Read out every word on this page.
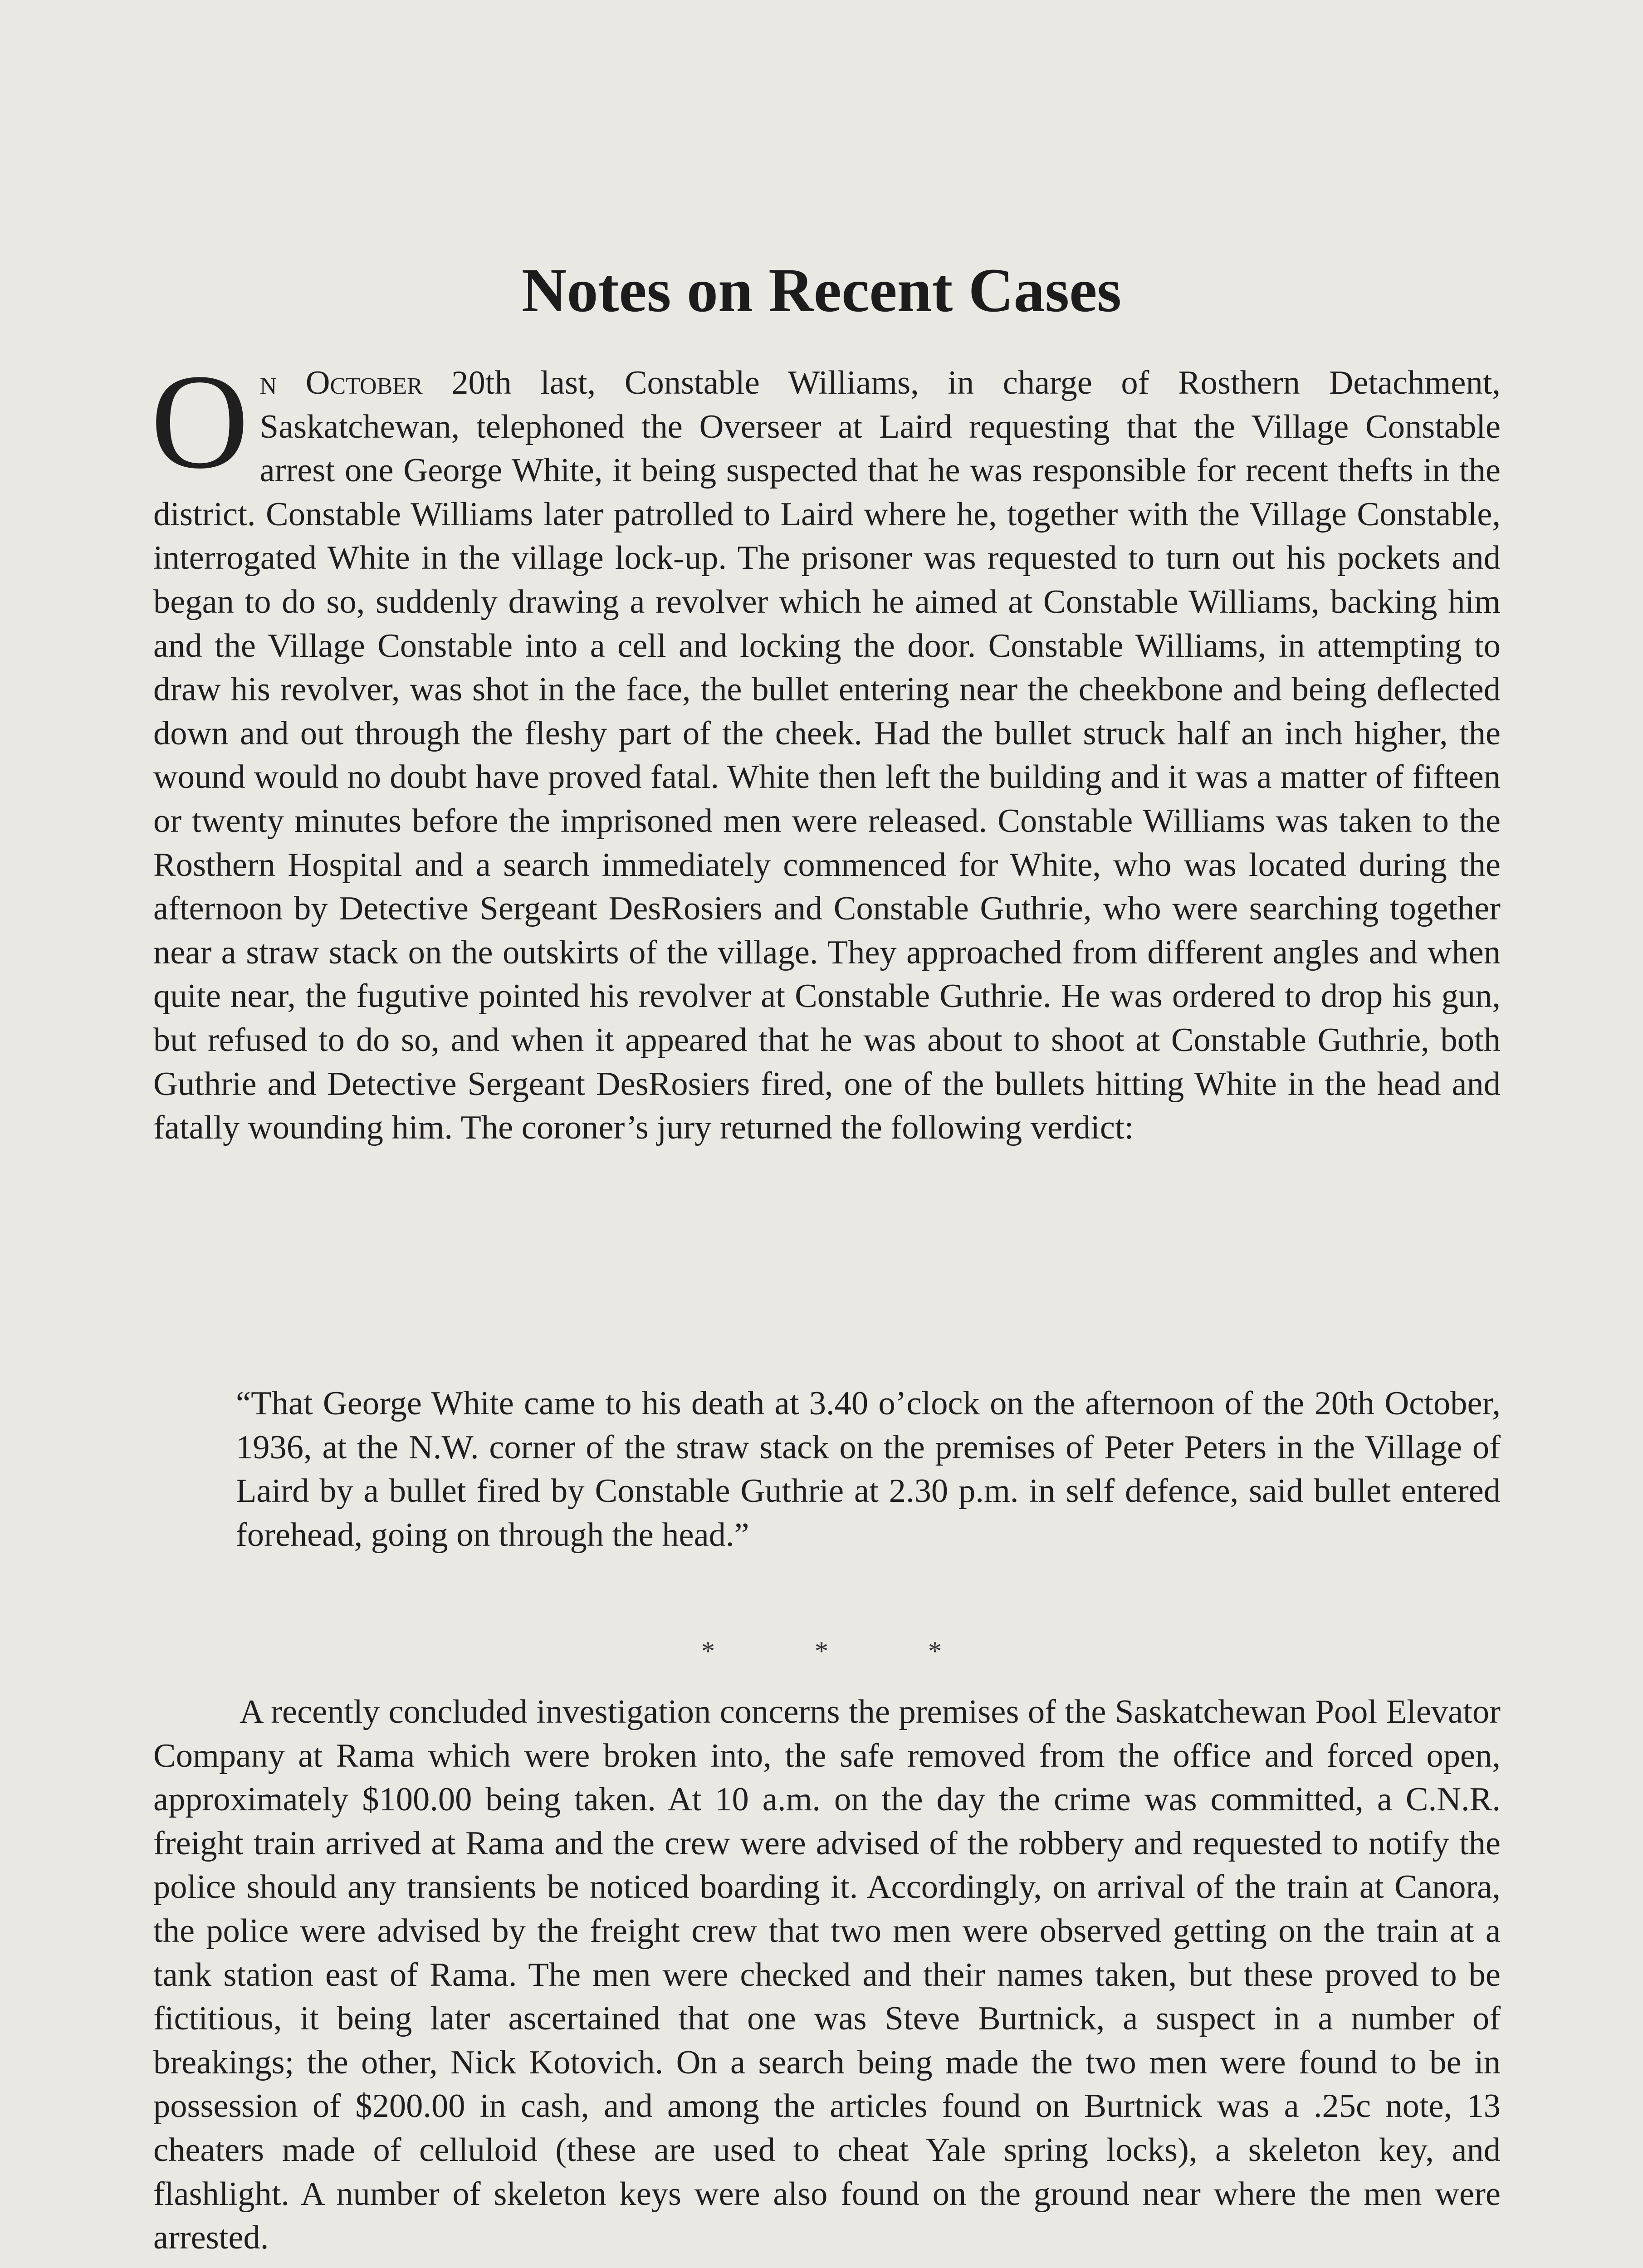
Notes on Recent Cases

On October 20th last, Constable Williams, in charge of Rosthern Detachment, Saskatchewan, telephoned the Overseer at Laird requesting that the Village Constable arrest one George White, it being suspected that he was responsible for recent thefts in the district. Constable Williams later patrolled to Laird where he, together with the Village Constable, interrogated White in the village lock-up. The prisoner was requested to turn out his pockets and began to do so, suddenly drawing a revolver which he aimed at Constable Williams, backing him and the Village Constable into a cell and locking the door. Constable Williams, in attempting to draw his revolver, was shot in the face, the bullet entering near the cheekbone and being deflected down and out through the fleshy part of the cheek. Had the bullet struck half an inch higher, the wound would no doubt have proved fatal. White then left the building and it was a matter of fifteen or twenty minutes before the imprisoned men were released. Constable Williams was taken to the Rosthern Hospital and a search immediately commenced for White, who was located during the afternoon by Detective Sergeant DesRosiers and Constable Guthrie, who were searching together near a straw stack on the outskirts of the village. They approached from different angles and when quite near, the fugutive pointed his revolver at Constable Guthrie. He was ordered to drop his gun, but refused to do so, and when it appeared that he was about to shoot at Constable Guthrie, both Guthrie and Detective Sergeant DesRosiers fired, one of the bullets hitting White in the head and fatally wounding him. The coroner’s jury returned the following verdict:

“That George White came to his death at 3.40 o’clock on the afternoon of the 20th October, 1936, at the N.W. corner of the straw stack on the premises of Peter Peters in the Village of Laird by a bullet fired by Constable Guthrie at 2.30 p.m. in self defence, said bullet entered forehead, going on through the head.”

*	*	*

A recently concluded investigation concerns the premises of the Saskatchewan Pool Elevator Company at Rama which were broken into, the safe removed from the office and forced open, approximately $100.00 being taken. At 10 a.m. on the day the crime was committed, a C.N.R. freight train arrived at Rama and the crew were advised of the robbery and requested to notify the police should any transients be noticed boarding it. Accordingly, on arrival of the train at Canora, the police were advised by the freight crew that two men were observed getting on the train at a tank station east of Rama. The men were checked and their names taken, but these proved to be fictitious, it being later ascertained that one was Steve Burtnick, a suspect in a number of breakings; the other, Nick Kotovich. On a search being made the two men were found to be in possession of $200.00 in cash, and among the articles found on Burtnick was a .25c note, 13 cheaters made of celluloid (these are used to cheat Yale spring locks), a skeleton key, and flashlight. A number of skeleton keys were also found on the ground near where the men were arrested.
